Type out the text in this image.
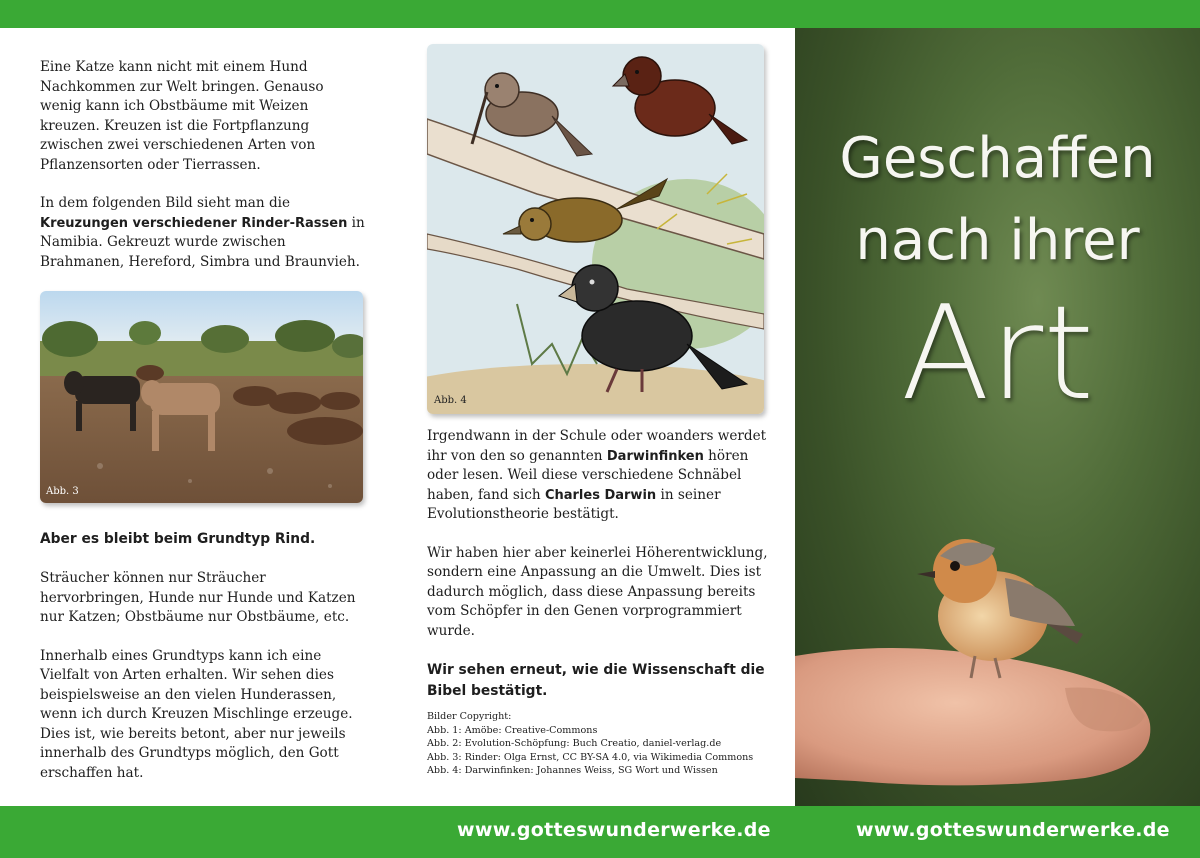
Eine Katze kann nicht mit einem Hund Nachkommen zur Welt bringen. Genauso wenig kann ich Obstbäume mit Weizen kreuzen. Kreuzen ist die Fortpflanzung zwischen zwei verschiedenen Arten von Pflanzensorten oder Tierrassen.

In dem folgenden Bild sieht man die Kreuzungen verschiedener Rinder-Rassen in Namibia. Gekreuzt wurde zwischen Brahmanen, Hereford, Simbra und Braunvieh.

Abb. 3

Aber es bleibt beim Grundtyp Rind.

Sträucher können nur Sträucher hervorbringen, Hunde nur Hunde und Katzen nur Katzen; Obstbäume nur Obstbäume, etc.

Innerhalb eines Grundtyps kann ich eine Vielfalt von Arten erhalten. Wir sehen dies beispielsweise an den vielen Hunderassen, wenn ich durch Kreuzen Mischlinge erzeuge. Dies ist, wie bereits betont, aber nur jeweils innerhalb des Grundtyps möglich, den Gott erschaffen hat.

Abb. 4

Irgendwann in der Schule oder woanders werdet ihr von den so genannten Darwinfinken hören oder lesen. Weil diese verschiedene Schnäbel haben, fand sich Charles Darwin in seiner Evolutionstheorie bestätigt.

Wir haben hier aber keinerlei Höherentwicklung, sondern eine Anpassung an die Umwelt. Dies ist dadurch möglich, dass diese Anpassung bereits vom Schöpfer in den Genen vorprogrammiert wurde.

Wir sehen erneut, wie die Wissenschaft die Bibel bestätigt.

Bilder Copyright:
Abb. 1: Amöbe: Creative-Commons
Abb. 2: Evolution-Schöpfung: Buch Creatio, daniel-verlag.de
Abb. 3: Rinder: Olga Ernst, CC BY-SA 4.0, via Wikimedia Commons
Abb. 4: Darwinfinken: Johannes Weiss, SG Wort und Wissen
Geschaffen
nach ihrer
Art
www.gotteswunderwerke.de	www.gotteswunderwerke.de
